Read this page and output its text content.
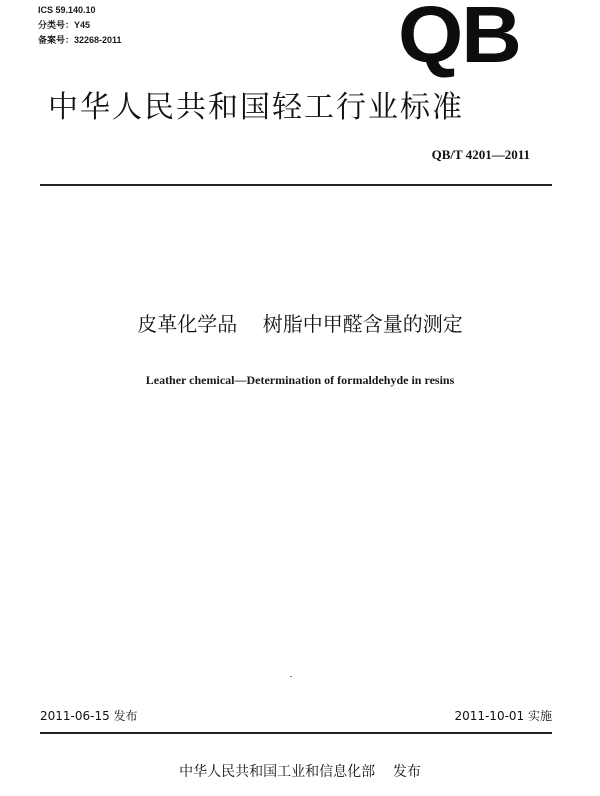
ICS 59.140.10
分类号：Y45
备案号：32268-2011	QB
中华人民共和国轻工行业标准
QB/T 4201—2011
皮革化学品    树脂中甲醛含量的测定
Leather chemical—Determination of formaldehyde in resins
2011-06-15 发布	2011-10-01 实施
中华人民共和国工业和信息化部    发布
